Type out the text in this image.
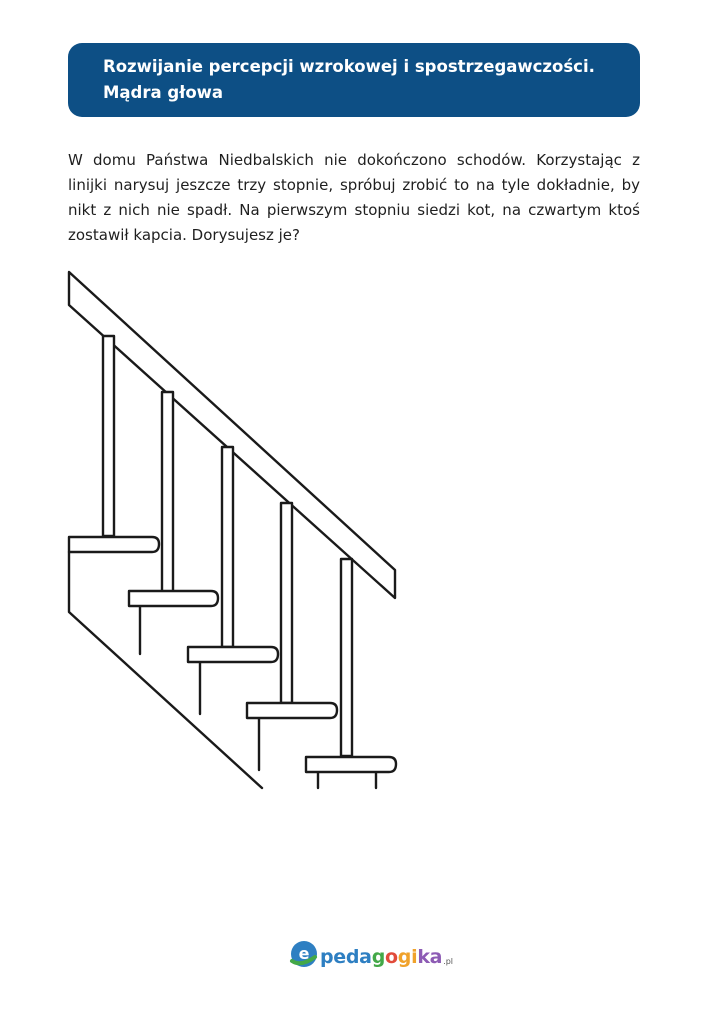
Rozwijanie percepcji wzrokowej i spostrzegawczości.
Mądra głowa

W domu Państwa Niedbalskich nie dokończono schodów. Korzystając z linijki narysuj jeszcze trzy stopnie, spróbuj zrobić to na tyle dokładnie, by nikt z nich nie spadł. Na pierwszym stopniu siedzi kot, na czwartym ktoś zostawił kapcia. Dorysujesz je?

e pedagogika .pl
